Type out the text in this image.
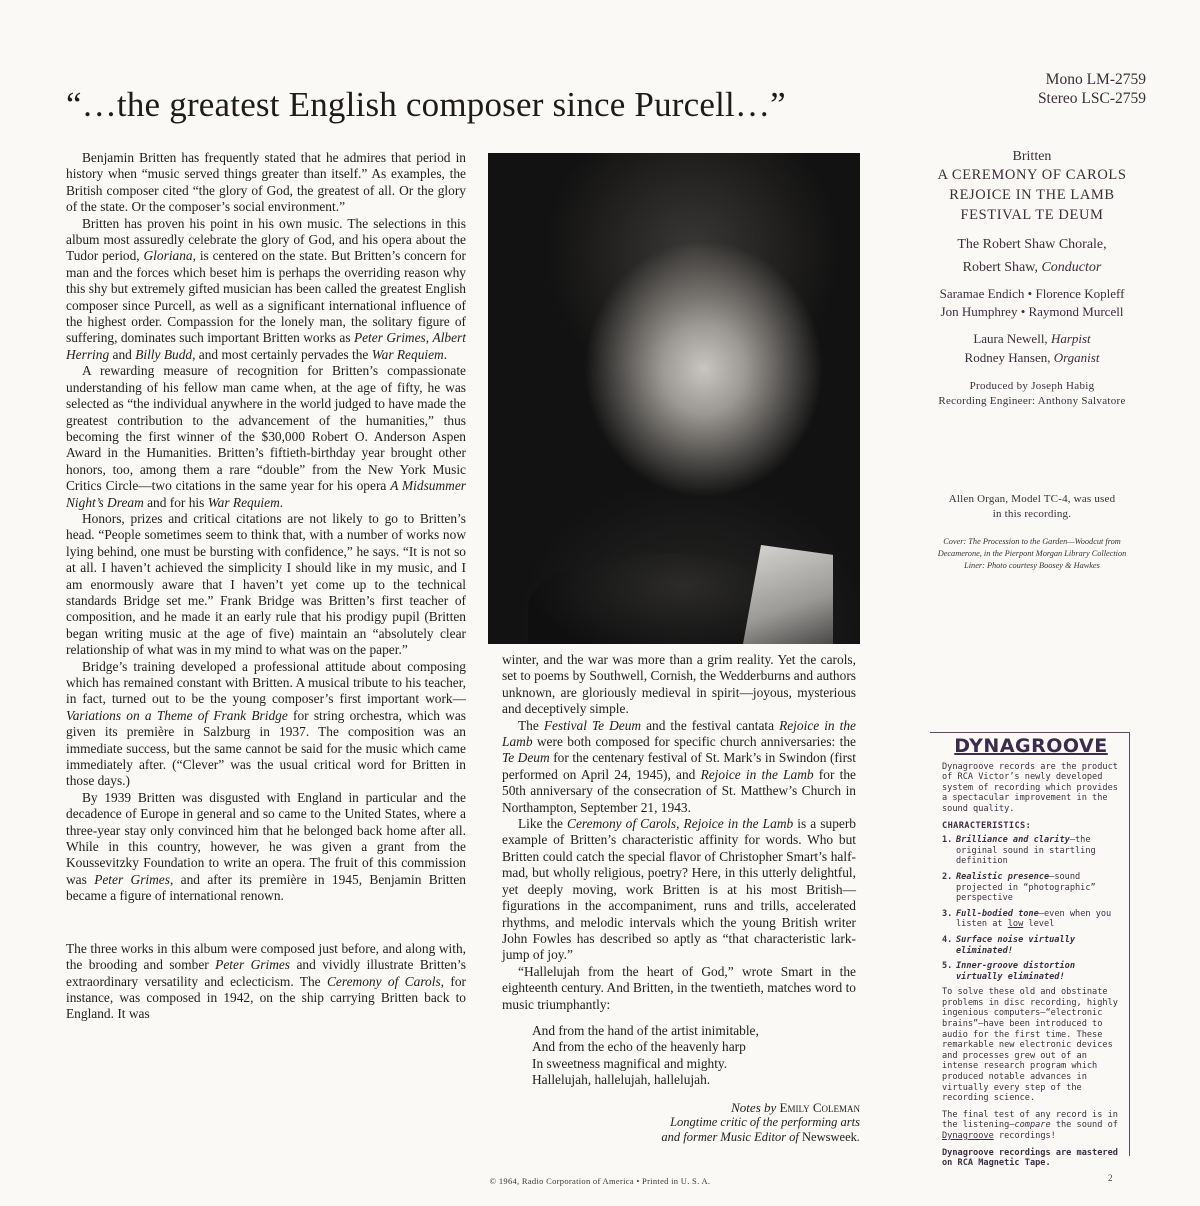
“…the greatest English composer since Purcell…”
Mono LM-2759
Stereo LSC-2759

Benjamin Britten has frequently stated that he admires that period in history when “music served things greater than itself.” As examples, the British composer cited “the glory of God, the greatest of all. Or the glory of the state. Or the composer’s social environment.”

Britten has proven his point in his own music. The selections in this album most assuredly celebrate the glory of God, and his opera about the Tudor period, Gloriana, is centered on the state. But Britten’s concern for man and the forces which beset him is perhaps the overriding reason why this shy but extremely gifted musician has been called the greatest English composer since Purcell, as well as a significant international influence of the highest order. Compassion for the lonely man, the solitary figure of suffering, dominates such important Britten works as Peter Grimes, Albert Herring and Billy Budd, and most certainly pervades the War Requiem.

A rewarding measure of recognition for Britten’s compassionate understanding of his fellow man came when, at the age of fifty, he was selected as “the individual anywhere in the world judged to have made the greatest contribution to the advancement of the humanities,” thus becoming the first winner of the $30,000 Robert O. Anderson Aspen Award in the Humanities. Britten’s fiftieth-birthday year brought other honors, too, among them a rare “double” from the New York Music Critics Circle—two citations in the same year for his opera A Midsummer Night’s Dream and for his War Requiem.

Honors, prizes and critical citations are not likely to go to Britten’s head. “People sometimes seem to think that, with a number of works now lying behind, one must be bursting with confidence,” he says. “It is not so at all. I haven’t achieved the simplicity I should like in my music, and I am enormously aware that I haven’t yet come up to the technical standards Bridge set me.” Frank Bridge was Britten’s first teacher of composition, and he made it an early rule that his prodigy pupil (Britten began writing music at the age of five) maintain an “absolutely clear relationship of what was in my mind to what was on the paper.”

Bridge’s training developed a professional attitude about composing which has remained constant with Britten. A musical tribute to his teacher, in fact, turned out to be the young composer’s first important work—Variations on a Theme of Frank Bridge for string orchestra, which was given its première in Salzburg in 1937. The composition was an immediate success, but the same cannot be said for the music which came immediately after. (“Clever” was the usual critical word for Britten in those days.)

By 1939 Britten was disgusted with England in particular and the decadence of Europe in general and so came to the United States, where a three-year stay only convinced him that he belonged back home after all. While in this country, however, he was given a grant from the Koussevitzky Foundation to write an opera. The fruit of this commission was Peter Grimes, and after its première in 1945, Benjamin Britten became a figure of international renown.

The three works in this album were composed just before, and along with, the brooding and somber Peter Grimes and vividly illustrate Britten’s extraordinary versatility and eclecticism. The Ceremony of Carols, for instance, was composed in 1942, on the ship carrying Britten back to England. It was

winter, and the war was more than a grim reality. Yet the carols, set to poems by Southwell, Cornish, the Wedderburns and authors unknown, are gloriously medieval in spirit—joyous, mysterious and deceptively simple.

The Festival Te Deum and the festival cantata Rejoice in the Lamb were both composed for specific church anniversaries: the Te Deum for the centenary festival of St. Mark’s in Swindon (first performed on April 24, 1945), and Rejoice in the Lamb for the 50th anniversary of the consecration of St. Matthew’s Church in Northampton, September 21, 1943.

Like the Ceremony of Carols, Rejoice in the Lamb is a superb example of Britten’s characteristic affinity for words. Who but Britten could catch the special flavor of Christopher Smart’s half-mad, but wholly religious, poetry? Here, in this utterly delightful, yet deeply moving, work Britten is at his most British—figurations in the accompaniment, runs and trills, accelerated rhythms, and melodic intervals which the young British writer John Fowles has described so aptly as “that characteristic lark-jump of joy.”

“Hallelujah from the heart of God,” wrote Smart in the eighteenth century. And Britten, in the twentieth, matches word to music triumphantly:

And from the hand of the artist inimitable,
And from the echo of the heavenly harp
In sweetness magnifical and mighty.
Hallelujah, hallelujah, hallelujah.
Notes by Emily Coleman
Longtime critic of the performing arts
and former Music Editor of Newsweek.
Britten
A CEREMONY OF CAROLS
REJOICE IN THE LAMB
FESTIVAL TE DEUM
The Robert Shaw Chorale,
Robert Shaw, Conductor
Saramae Endich • Florence Kopleff
Jon Humphrey • Raymond Murcell
Laura Newell, Harpist
Rodney Hansen, Organist
Produced by Joseph Habig
Recording Engineer: Anthony Salvatore
Allen Organ, Model TC-4, was used
in this recording.
Cover: The Procession to the Garden—Woodcut from
Decamerone, in the Pierpont Morgan Library Collection
Liner: Photo courtesy Boosey & Hawkes
DYNAGROOVE

Dynagroove records are the product of RCA Victor’s newly developed system of recording which provides a spectacular improvement in the sound quality.

CHARACTERISTICS:
1. Brilliance and clarity—the original sound in startling definition
2. Realistic presence—sound projected in “photographic” perspective
3. Full-bodied tone—even when you listen at low level
4. Surface noise virtually eliminated!
5. Inner-groove distortion virtually eliminated!

To solve these old and obstinate problems in disc recording, highly ingenious computers—“electronic brains”—have been introduced to audio for the first time. These remarkable new electronic devices and processes grew out of an intense research program which produced notable advances in virtually every step of the recording science.

The final test of any record is in the listening—compare the sound of Dynagroove recordings!

Dynagroove recordings are mastered on RCA Magnetic Tape.

© 1964, Radio Corporation of America • Printed in U. S. A.	2
